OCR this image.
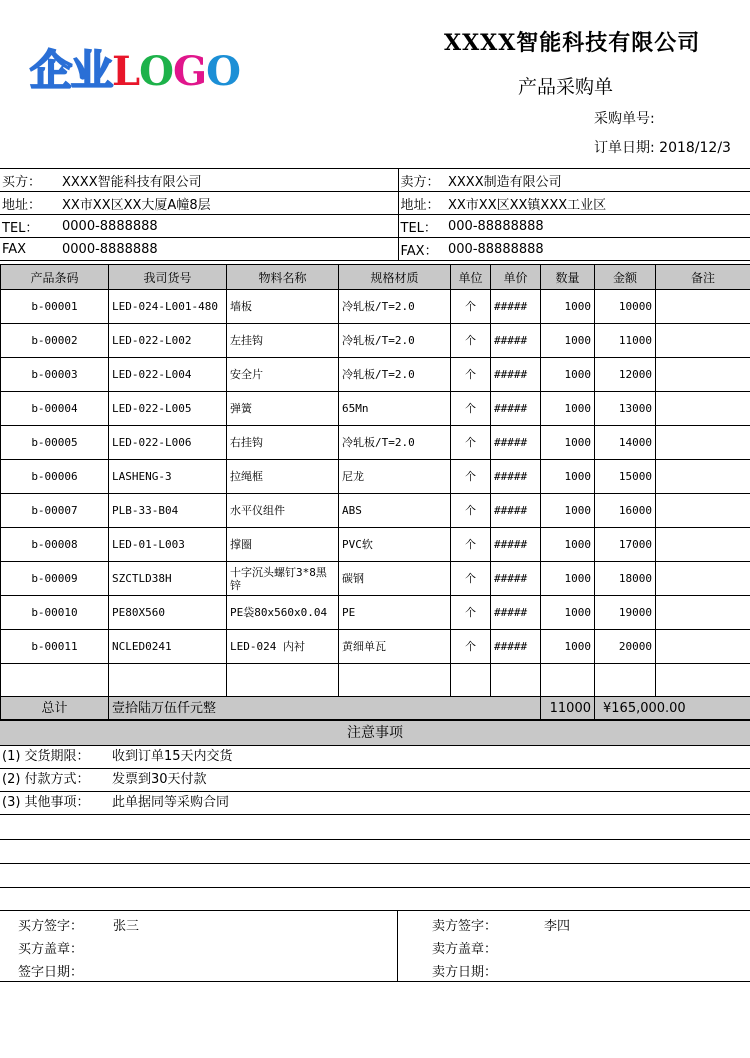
企业LOGO
XXXX智能科技有限公司
产品采购单
采购单号:
订单日期: 2018/12/3
买方：	XXXX智能科技有限公司	卖方：	XXXX制造有限公司
地址：	XX市XX区XX大厦A幢8层	地址：	XX市XX区XX镇XXX工业区
TEL：	0000-8888888	TEL：	000-88888888
FAX	0000-8888888	FAX：	000-88888888
产品条码	我司货号	物料名称	规格材质	单位	单价	数量	金额	备注
b-00001	LED-024-L001-480	墙板	冷轧板/T=2.0	个	#####	1000	10000	
b-00002	LED-022-L002	左挂钩	冷轧板/T=2.0	个	#####	1000	11000	
b-00003	LED-022-L004	安全片	冷轧板/T=2.0	个	#####	1000	12000	
b-00004	LED-022-L005	弹簧	65Mn	个	#####	1000	13000	
b-00005	LED-022-L006	右挂钩	冷轧板/T=2.0	个	#####	1000	14000	
b-00006	LASHENG-3	拉绳框	尼龙	个	#####	1000	15000	
b-00007	PLB-33-B04	水平仪组件	ABS	个	#####	1000	16000	
b-00008	LED-01-L003	撑圈	PVC软	个	#####	1000	17000	
b-00009	SZCTLD38H	十字沉头螺钉3*8黑锌	碳钢	个	#####	1000	18000	
b-00010	PE80X560	PE袋80x560x0.04	PE	个	#####	1000	19000	
b-00011	NCLED0241	LED-024 内衬	黄细单瓦	个	#####	1000	20000	

总计	壹拾陆万伍仟元整					11000	¥165,000.00	
注意事项
(1) 交货期限： 收到订单15天内交货
(2) 付款方式： 发票到30天付款
(3) 其他事项： 此单据同等采购合同
买方签字： 张三
买方盖章：
签字日期：
卖方签字：	李四
卖方盖章：
卖方日期：
